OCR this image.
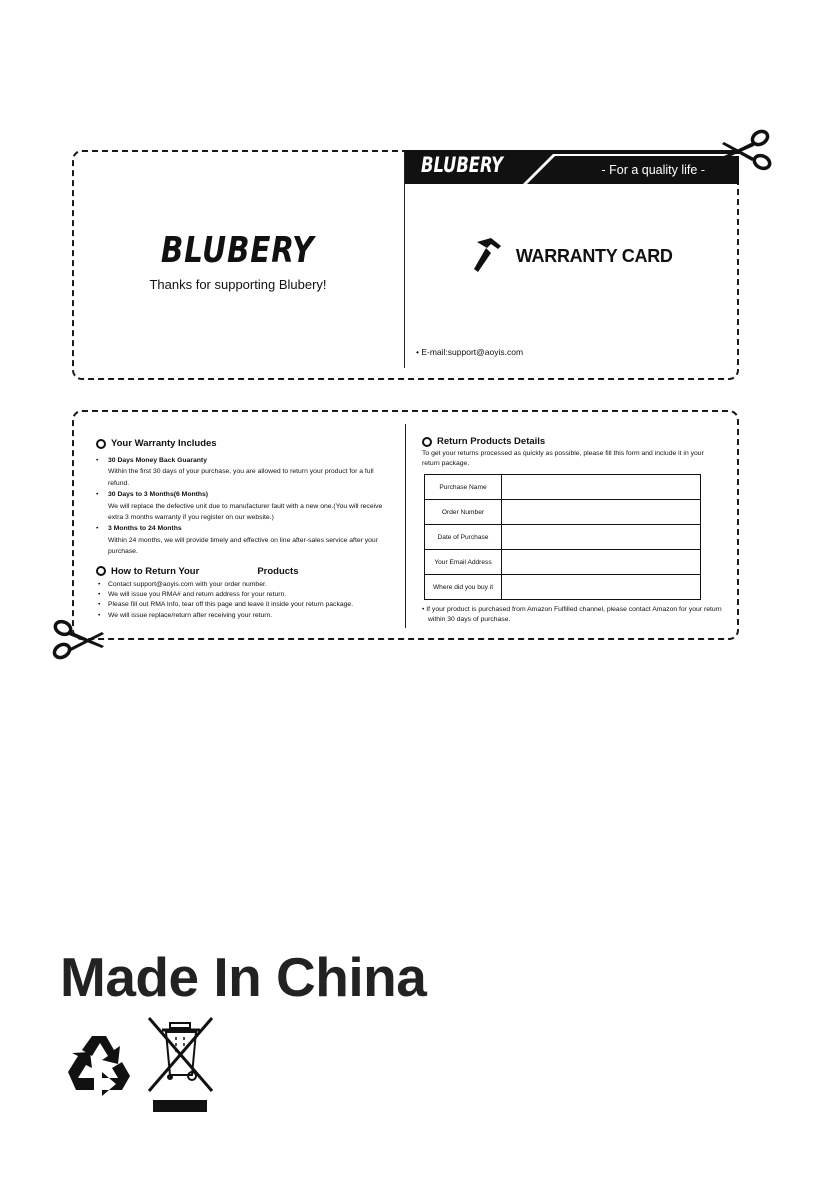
BLUBERY
Thanks for supporting Blubery!
BLUBERY	- For a quality life -
WARRANTY CARD
• E-mail:support@aoyis.com
Your Warranty Includes
• 30 Days Money Back Guaranty
Within the first 30 days of your purchase, you are allowed to return your product for a full refund.
• 30 Days to 3 Months(6 Months)
We will replace the defective unit due to manufacturer fault with a new one.(You will receive extra 3 months warranty if you register on our website.)
• 3 Months to 24 Months
Within 24 months, we will provide timely and effective on line after-sales service after your purchase.
How to Return Your	Products
• Contact support@aoyis.com with your order number.
• We will issue you RMA# and return address for your return.
• Please fill out RMA Info, tear off this page and leave it inside your return package.
• We will issue replace/return after receiving your return.
Return Products Details
To get your returns processed as quickly as possible, please fill this form and include it in your return package.
Purchase Name	
Order Number	
Date of Purchase	
Your Email Address	
Where did you buy it	
• If your product is purchased from Amazon Fulfilled channel, please contact Amazon for your return within 30 days of purchase.
Made In China
